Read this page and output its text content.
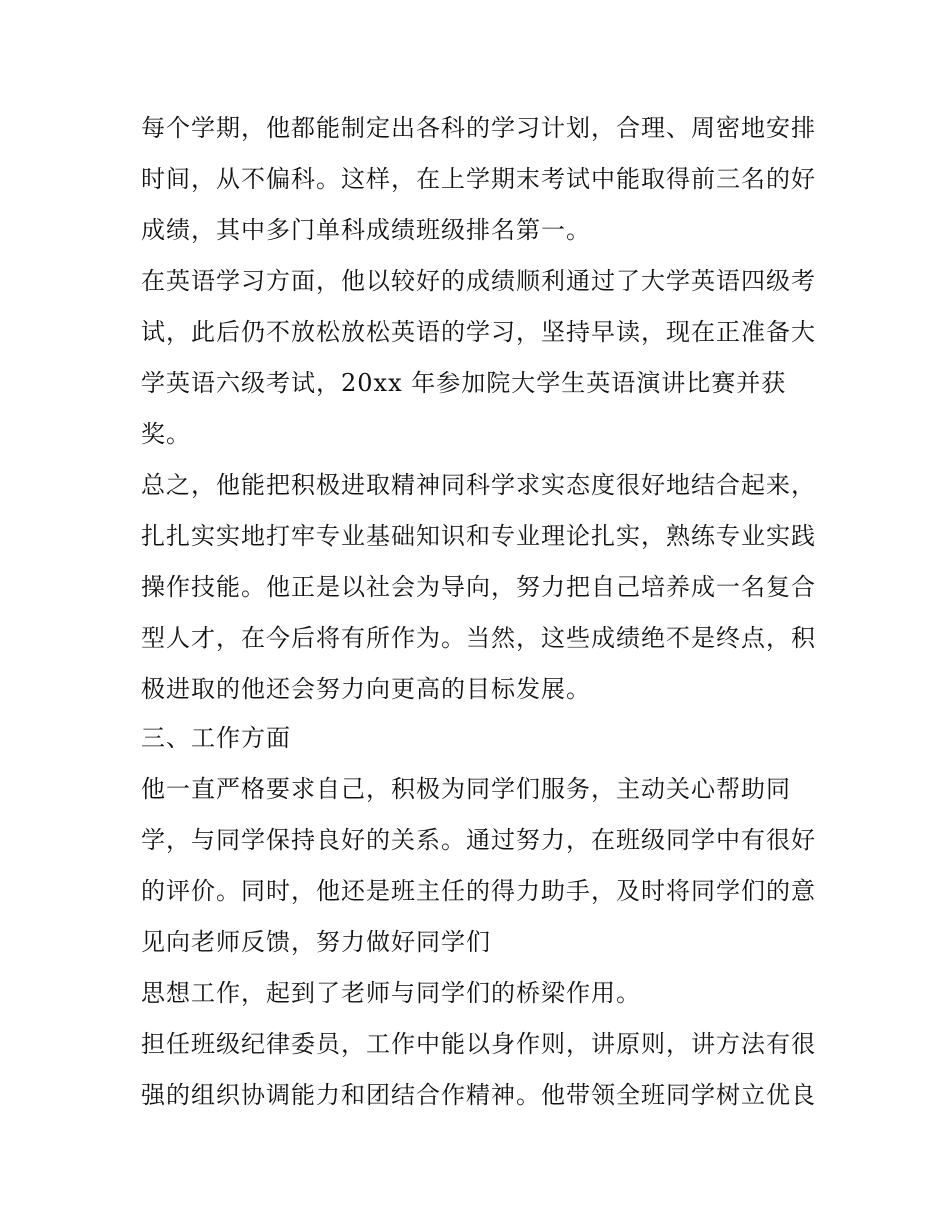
每个学期，他都能制定出各科的学习计划，合理、周密地安排
时间，从不偏科。这样，在上学期末考试中能取得前三名的好
成绩，其中多门单科成绩班级排名第一。
在英语学习方面，他以较好的成绩顺利通过了大学英语四级考
试，此后仍不放松放松英语的学习，坚持早读，现在正准备大
学英语六级考试，20xx 年参加院大学生英语演讲比赛并获
奖。
总之，他能把积极进取精神同科学求实态度很好地结合起来，
扎扎实实地打牢专业基础知识和专业理论扎实，熟练专业实践
操作技能。他正是以社会为导向，努力把自己培养成一名复合
型人才，在今后将有所作为。当然，这些成绩绝不是终点，积
极进取的他还会努力向更高的目标发展。
三、工作方面
他一直严格要求自己，积极为同学们服务，主动关心帮助同
学，与同学保持良好的关系。通过努力，在班级同学中有很好
的评价。同时，他还是班主任的得力助手，及时将同学们的意
见向老师反馈，努力做好同学们
思想工作，起到了老师与同学们的桥梁作用。
担任班级纪律委员，工作中能以身作则，讲原则，讲方法有很
强的组织协调能力和团结合作精神。他带领全班同学树立优良
